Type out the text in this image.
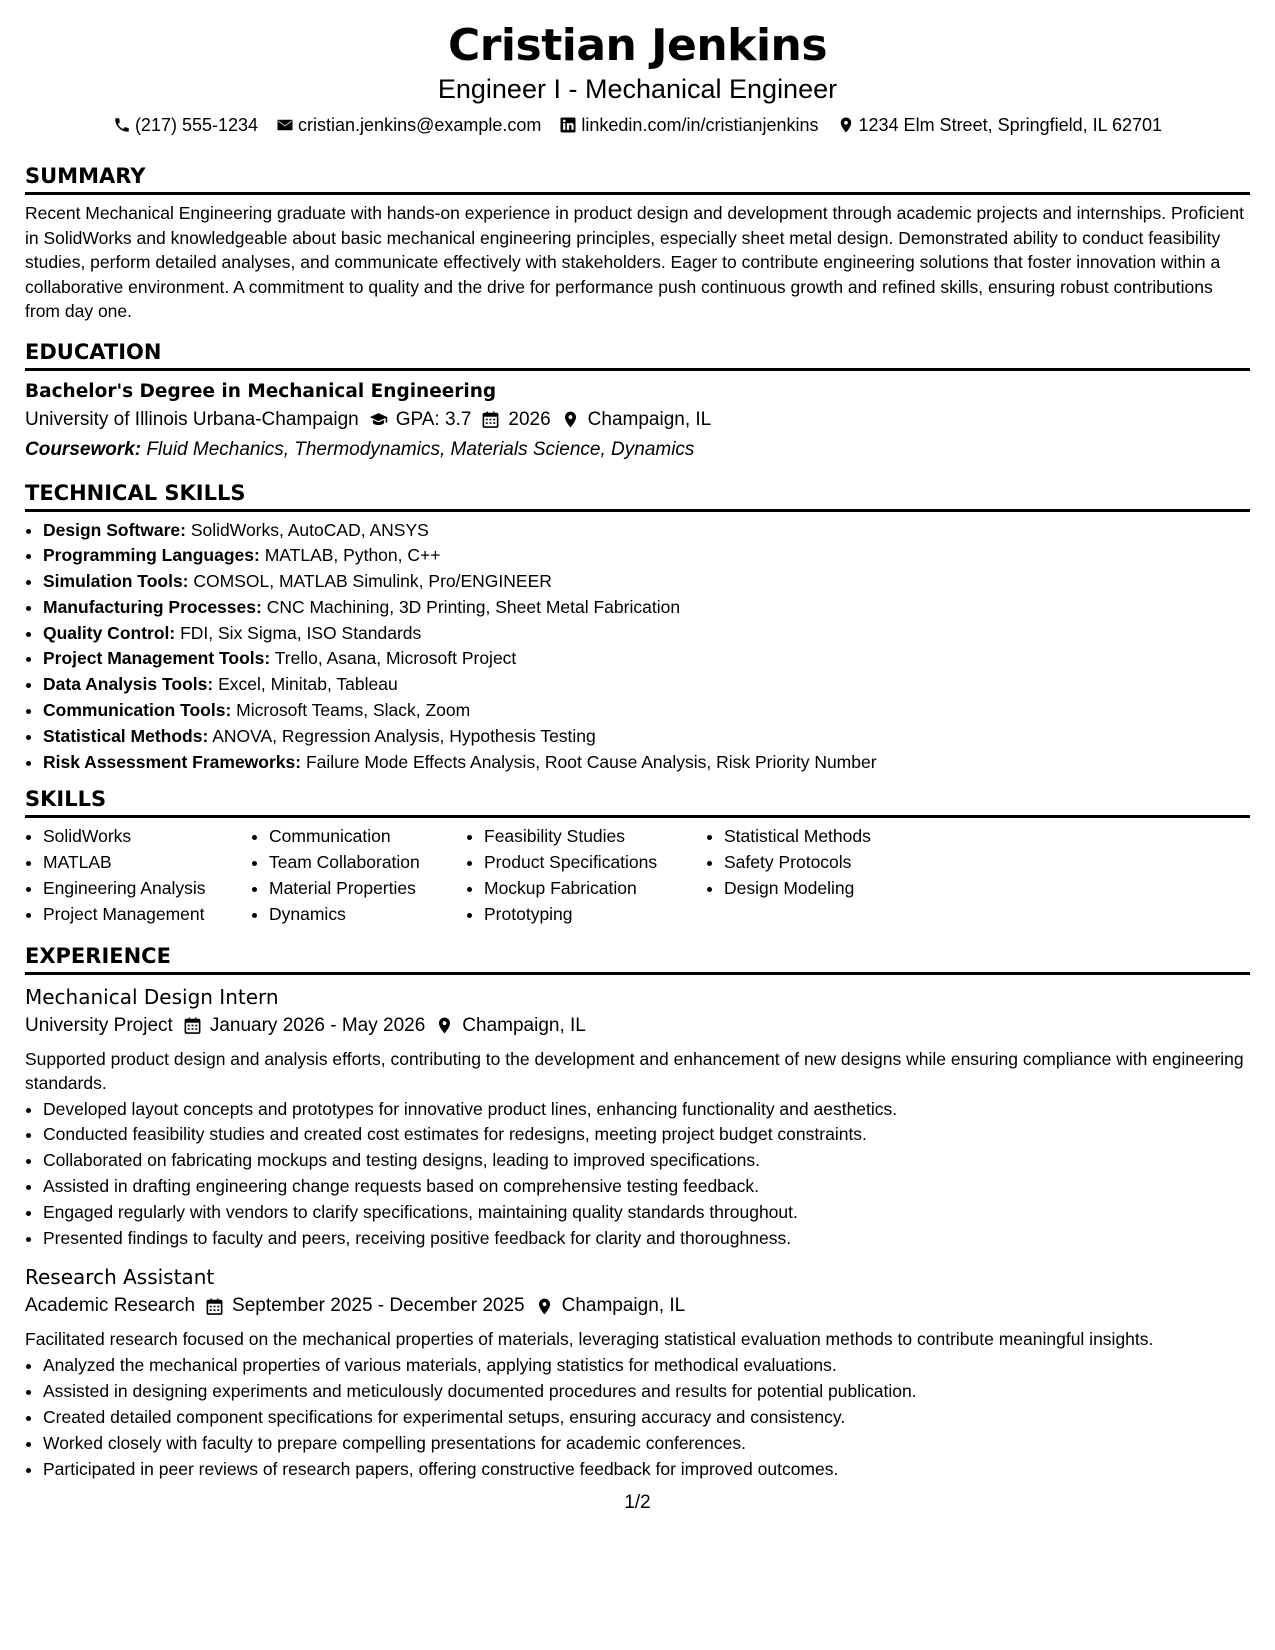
Cristian Jenkins
Engineer I - Mechanical Engineer
(217) 555-1234 cristian.jenkins@example.com linkedin.com/in/cristianjenkins 1234 Elm Street, Springfield, IL 62701
SUMMARY

Recent Mechanical Engineering graduate with hands-on experience in product design and development through academic projects and internships. Proficient in SolidWorks and knowledgeable about basic mechanical engineering principles, especially sheet metal design. Demonstrated ability to conduct feasibility studies, perform detailed analyses, and communicate effectively with stakeholders. Eager to contribute engineering solutions that foster innovation within a collaborative environment. A commitment to quality and the drive for performance push continuous growth and refined skills, ensuring robust contributions from day one.

EDUCATION
Bachelor's Degree in Mechanical Engineering
University of Illinois Urbana-Champaign GPA: 3.7 2026 Champaign, IL
Coursework: Fluid Mechanics, Thermodynamics, Materials Science, Dynamics
TECHNICAL SKILLS
• Design Software: SolidWorks, AutoCAD, ANSYS
• Programming Languages: MATLAB, Python, C++
• Simulation Tools: COMSOL, MATLAB Simulink, Pro/ENGINEER
• Manufacturing Processes: CNC Machining, 3D Printing, Sheet Metal Fabrication
• Quality Control: FDI, Six Sigma, ISO Standards
• Project Management Tools: Trello, Asana, Microsoft Project
• Data Analysis Tools: Excel, Minitab, Tableau
• Communication Tools: Microsoft Teams, Slack, Zoom
• Statistical Methods: ANOVA, Regression Analysis, Hypothesis Testing
• Risk Assessment Frameworks: Failure Mode Effects Analysis, Root Cause Analysis, Risk Priority Number
SKILLS
• SolidWorks
• MATLAB
• Engineering Analysis
• Project Management
• Communication
• Team Collaboration
• Material Properties
• Dynamics
• Feasibility Studies
• Product Specifications
• Mockup Fabrication
• Prototyping
• Statistical Methods
• Safety Protocols
• Design Modeling
EXPERIENCE
Mechanical Design Intern
University Project January 2026 - May 2026 Champaign, IL

Supported product design and analysis efforts, contributing to the development and enhancement of new designs while ensuring compliance with engineering standards.

• Developed layout concepts and prototypes for innovative product lines, enhancing functionality and aesthetics.
• Conducted feasibility studies and created cost estimates for redesigns, meeting project budget constraints.
• Collaborated on fabricating mockups and testing designs, leading to improved specifications.
• Assisted in drafting engineering change requests based on comprehensive testing feedback.
• Engaged regularly with vendors to clarify specifications, maintaining quality standards throughout.
• Presented findings to faculty and peers, receiving positive feedback for clarity and thoroughness.
Research Assistant
Academic Research September 2025 - December 2025 Champaign, IL

Facilitated research focused on the mechanical properties of materials, leveraging statistical evaluation methods to contribute meaningful insights.

• Analyzed the mechanical properties of various materials, applying statistics for methodical evaluations.
• Assisted in designing experiments and meticulously documented procedures and results for potential publication.
• Created detailed component specifications for experimental setups, ensuring accuracy and consistency.
• Worked closely with faculty to prepare compelling presentations for academic conferences.
• Participated in peer reviews of research papers, offering constructive feedback for improved outcomes.
1/2
